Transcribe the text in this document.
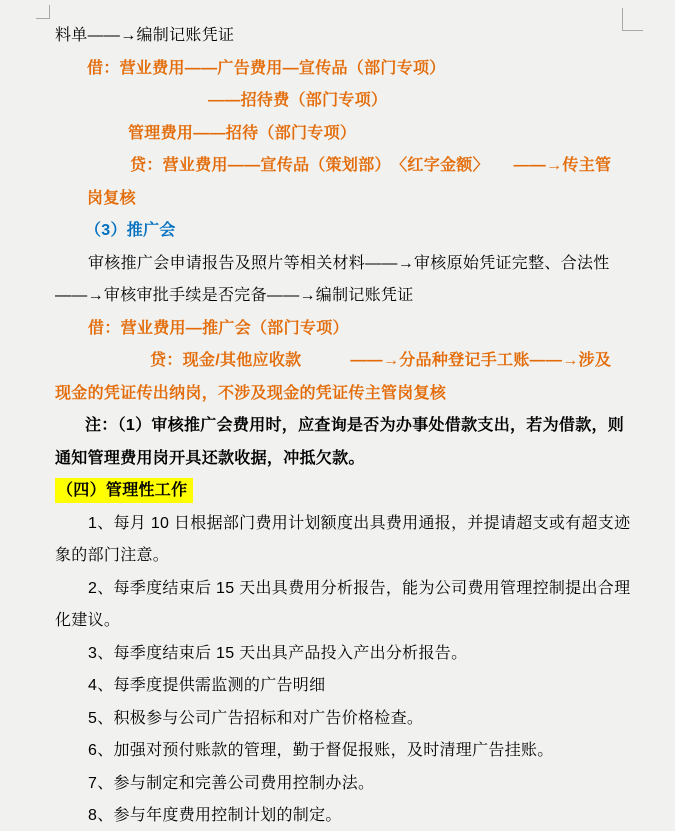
料单——→编制记账凭证
借：营业费用——广告费用—宣传品（部门专项）
——招待费（部门专项）
管理费用——招待（部门专项）
贷：营业费用——宣传品（策划部）　〈红字金额〉　　——→传主管
岗复核
（3）推广会
审核推广会申请报告及照片等相关材料——→审核原始凭证完整、合法性
——→审核审批手续是否完备——→编制记账凭证
借：营业费用—推广会（部门专项）
贷：现金/其他应收款　　　——→分品种登记手工账——→涉及
现金的凭证传出纳岗，不涉及现金的凭证传主管岗复核
注：（1）审核推广会费用时，应查询是否为办事处借款支出，若为借款，则
通知管理费用岗开具还款收据，冲抵欠款。
（四）管理性工作
1、每月 10 日根据部门费用计划额度出具费用通报，并提请超支或有超支迹
象的部门注意。
2、每季度结束后 15 天出具费用分析报告，能为公司费用管理控制提出合理
化建议。
3、每季度结束后 15 天出具产品投入产出分析报告。
4、每季度提供需监测的广告明细
5、积极参与公司广告招标和对广告价格检查。
6、加强对预付账款的管理，勤于督促报账，及时清理广告挂账。
7、参与制定和完善公司费用控制办法。
8、参与年度费用控制计划的制定。
